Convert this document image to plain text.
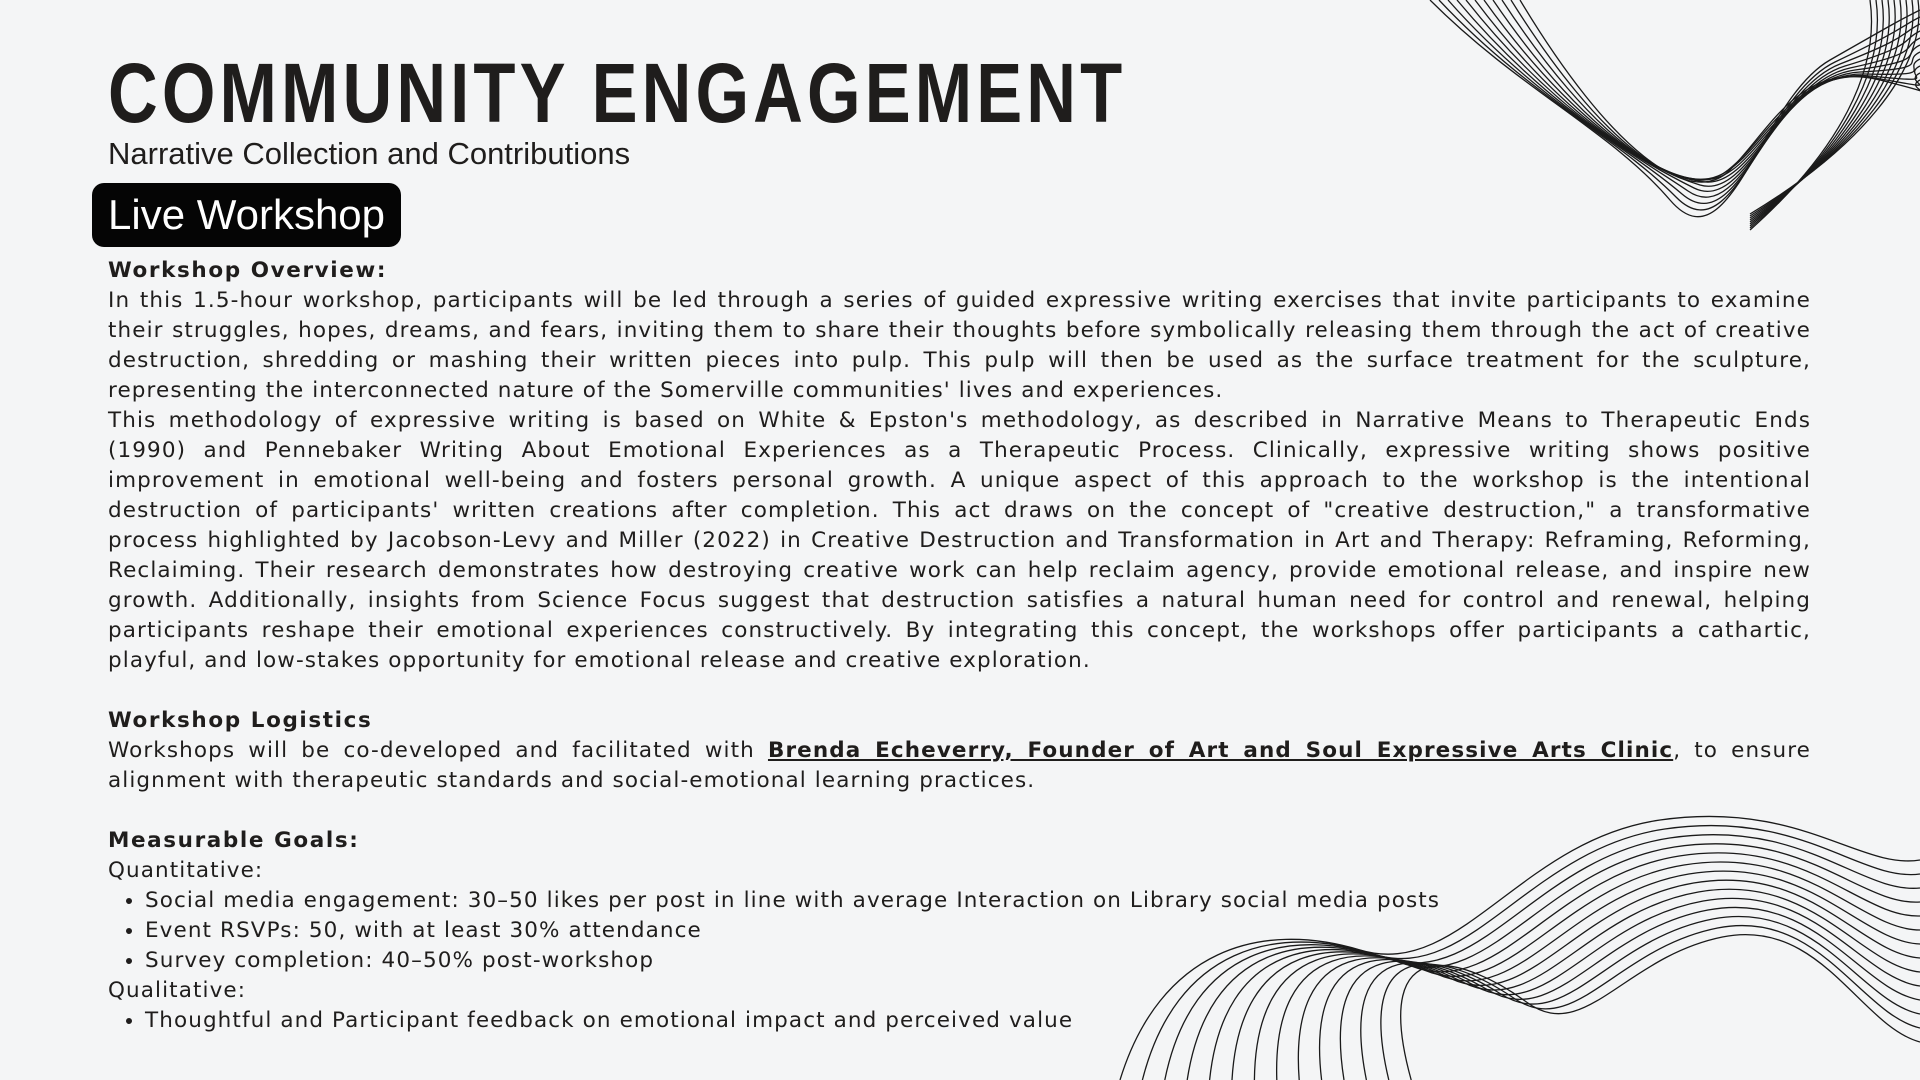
COMMUNITY ENGAGEMENT
Narrative Collection and Contributions
Live Workshop

Workshop Overview:

In this 1.5-hour workshop, participants will be led through a series of guided expressive writing exercises that invite participants to examine their struggles, hopes, dreams, and fears, inviting them to share their thoughts before symbolically releasing them through the act of creative destruction, shredding or mashing their written pieces into pulp. This pulp will then be used as the surface treatment for the sculpture, representing the interconnected nature of the Somerville communities' lives and experiences.

This methodology of expressive writing is based on White & Epston's methodology, as described in Narrative Means to Therapeutic Ends (1990) and Pennebaker Writing About Emotional Experiences as a Therapeutic Process. Clinically, expressive writing shows positive improvement in emotional well-being and fosters personal growth. A unique aspect of this approach to the workshop is the intentional destruction of participants' written creations after completion. This act draws on the concept of "creative destruction," a transformative process highlighted by Jacobson-Levy and Miller (2022) in Creative Destruction and Transformation in Art and Therapy: Reframing, Reforming, Reclaiming. Their research demonstrates how destroying creative work can help reclaim agency, provide emotional release, and inspire new growth. Additionally, insights from Science Focus suggest that destruction satisfies a natural human need for control and renewal, helping participants reshape their emotional experiences constructively. By integrating this concept, the workshops offer participants a cathartic, playful, and low-stakes opportunity for emotional release and creative exploration.

Workshop Logistics

Workshops will be co-developed and facilitated with Brenda Echeverry, Founder of Art and Soul Expressive Arts Clinic, to ensure alignment with therapeutic standards and social-emotional learning practices.

Measurable Goals:

Quantitative:

• Social media engagement: 30–50 likes per post in line with average Interaction on Library social media posts
• Event RSVPs: 50, with at least 30% attendance
• Survey completion: 40–50% post-workshop

Qualitative:

• Thoughtful and Participant feedback on emotional impact and perceived value
